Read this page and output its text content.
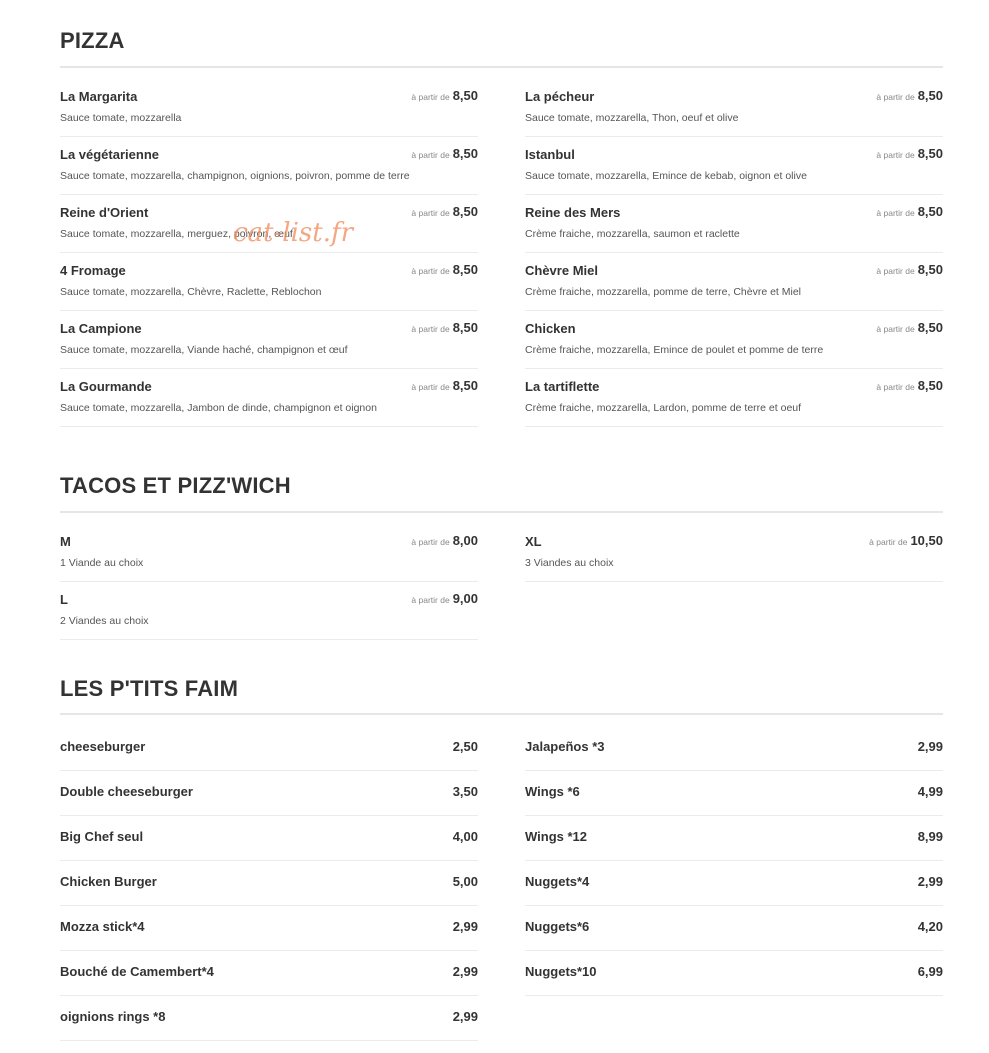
PIZZA
La Margarita	à partir de 8,50
Sauce tomate, mozzarella
La végétarienne	à partir de 8,50
Sauce tomate, mozzarella, champignon, oignions, poivron, pomme de terre
Reine d'Orient	à partir de 8,50
Sauce tomate, mozzarella, merguez, poivron, œuf
4 Fromage	à partir de 8,50
Sauce tomate, mozzarella, Chèvre, Raclette, Reblochon
La Campione	à partir de 8,50
Sauce tomate, mozzarella, Viande haché, champignon et œuf
La Gourmande	à partir de 8,50
Sauce tomate, mozzarella, Jambon de dinde, champignon et oignon
La pécheur	à partir de 8,50
Sauce tomate, mozzarella, Thon, oeuf et olive
Istanbul	à partir de 8,50
Sauce tomate, mozzarella, Emince de kebab, oignon et olive
Reine des Mers	à partir de 8,50
Crème fraiche, mozzarella, saumon et raclette
Chèvre Miel	à partir de 8,50
Crème fraiche, mozzarella, pomme de terre, Chèvre et Miel
Chicken	à partir de 8,50
Crème fraiche, mozzarella, Emince de poulet et pomme de terre
La tartiflette	à partir de 8,50
Crème fraiche, mozzarella, Lardon, pomme de terre et oeuf
TACOS ET PIZZ'WICH
M	à partir de 8,00
1 Viande au choix
L	à partir de 9,00
2 Viandes au choix
XL	à partir de 10,50
3 Viandes au choix
LES P'TITS FAIM
cheeseburger	2,50
Double cheeseburger	3,50
Big Chef seul	4,00
Chicken Burger	5,00
Mozza stick*4	2,99
Bouché de Camembert*4	2,99
oignions rings *8	2,99
Jalapeños *3	2,99
Wings *6	4,99
Wings *12	8,99
Nuggets*4	2,99
Nuggets*6	4,20
Nuggets*10	6,99
cat-list.fr
